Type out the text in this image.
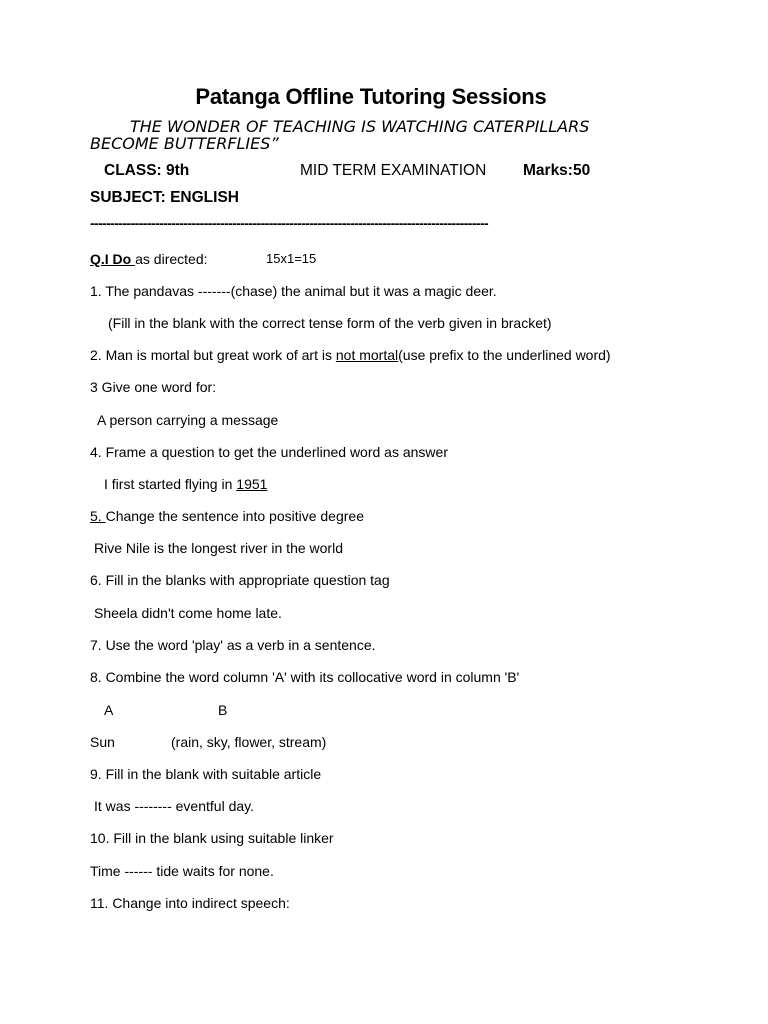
Patanga Offline Tutoring Sessions
THE WONDER OF TEACHING IS WATCHING CATERPILLARS BECOME BUTTERFLIES”
CLASS: 9th	MID TERM EXAMINATION Marks:50
SUBJECT: ENGLISH
--------------------------------------------------------------------------------------------------
Q.I Do as directed:	15x1=15
1. The pandavas -------(chase) the animal but it was a magic deer.
(Fill in the blank with the correct tense form of the verb given in bracket)
2. Man is mortal but great work of art is not mortal(use prefix to the underlined word)
3 Give one word for:
A person carrying a message
4. Frame a question to get the underlined word as answer
I first started flying in 1951
5. Change the sentence into positive degree
Rive Nile is the longest river in the world
6. Fill in the blanks with appropriate question tag
Sheela didn't come home late.
7. Use the word 'play' as a verb in a sentence.
8. Combine the word column 'A' with its collocative word in column 'B'
A	B
Sun	(rain, sky, flower, stream)
9. Fill in the blank with suitable article
It was -------- eventful day.
10. Fill in the blank using suitable linker
Time ------ tide waits for none.
11. Change into indirect speech:
